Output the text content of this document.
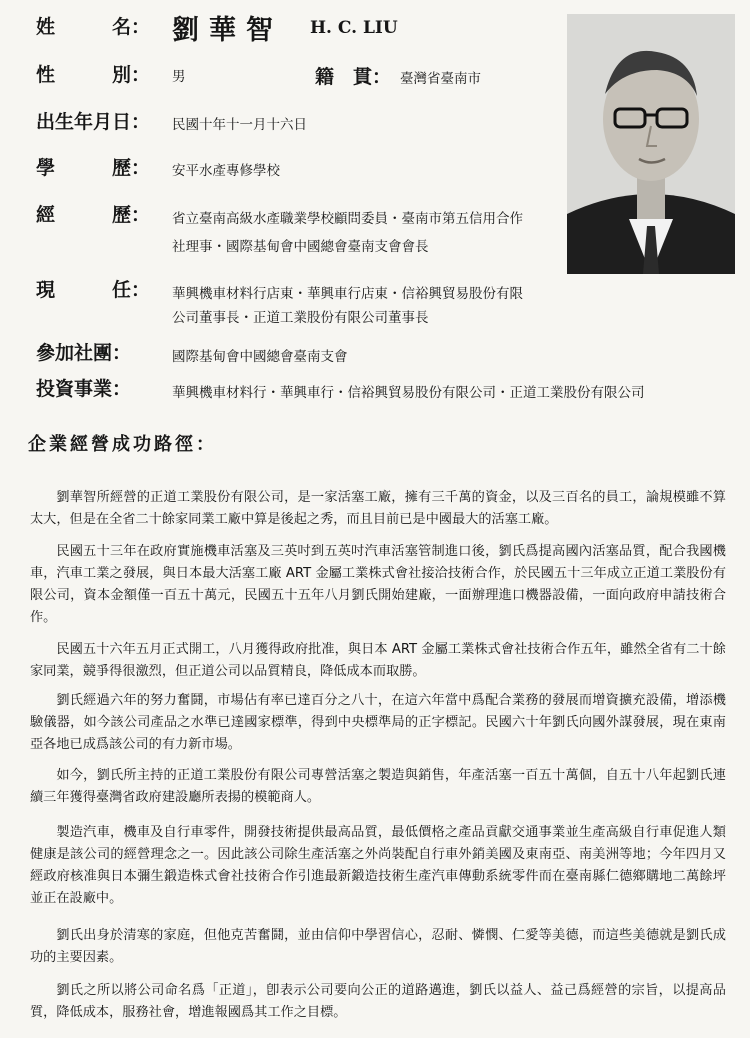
姓　　　名： 劉華智 H. C. LIU
性　　　別： 男	籍　貫： 臺灣省臺南市
出生年月日： 民國十年十一月十六日
學　　　歷： 安平水產專修學校
經　　　歷： 省立臺南高級水產職業學校顧問委員・臺南市第五信用合作
社理事・國際基甸會中國總會臺南支會會長
現　　　任： 華興機車材料行店東・華興車行店東・信裕興貿易股份有限
公司董事長・正道工業股份有限公司董事長
參加社團：	國際基甸會中國總會臺南支會
投資事業：	華興機車材料行・華興車行・信裕興貿易股份有限公司・正道工業股份有限公司
企業經營成功路徑：

劉華智所經營的正道工業股份有限公司，是一家活塞工廠，擁有三千萬的資金，以及三百名的員工，論規模雖不算太大，但是在全省二十餘家同業工廠中算是後起之秀，而且目前已是中國最大的活塞工廠。

民國五十三年在政府實施機車活塞及三英吋到五英吋汽車活塞管制進口後，劉氏爲提高國內活塞品質，配合我國機車，汽車工業之發展，與日本最大活塞工廠 ART 金屬工業株式會社接洽技術合作，於民國五十三年成立正道工業股份有限公司，資本金額僅一百五十萬元，民國五十五年八月劉氏開始建廠，一面辦理進口機器設備，一面向政府申請技術合作。

民國五十六年五月正式開工，八月獲得政府批准，與日本 ART 金屬工業株式會社技術合作五年，雖然全省有二十餘家同業，競爭得很激烈，但正道公司以品質精良，降低成本而取勝。

劉氏經過六年的努力奮鬪，市場佔有率已達百分之八十，在這六年當中爲配合業務的發展而增資擴充設備，增添機驗儀器，如今該公司產品之水準已達國家標準，得到中央標準局的正字標記。民國六十年劉氏向國外謀發展，現在東南亞各地已成爲該公司的有力新市場。

如今，劉氏所主持的正道工業股份有限公司專營活塞之製造與銷售，年產活塞一百五十萬個，自五十八年起劉氏連續三年獲得臺灣省政府建設廳所表揚的模範商人。

製造汽車，機車及自行車零件，開發技術提供最高品質，最低價格之產品貢獻交通事業並生產高級自行車促進人類健康是該公司的經營理念之一。因此該公司除生產活塞之外尚裝配自行車外銷美國及東南亞、南美洲等地；今年四月又經政府核准與日本彌生鍛造株式會社技術合作引進最新鍛造技術生產汽車傳動系統零件而在臺南縣仁德鄉購地二萬餘坪並正在設廠中。

劉氏出身於清寒的家庭，但他克苦奮鬪，並由信仰中學習信心，忍耐、憐憫、仁愛等美德，而這些美德就是劉氏成功的主要因素。

劉氏之所以將公司命名爲「正道」，卽表示公司要向公正的道路邁進，劉氏以益人、益己爲經營的宗旨，以提高品質，降低成本，服務社會，增進報國爲其工作之目標。
